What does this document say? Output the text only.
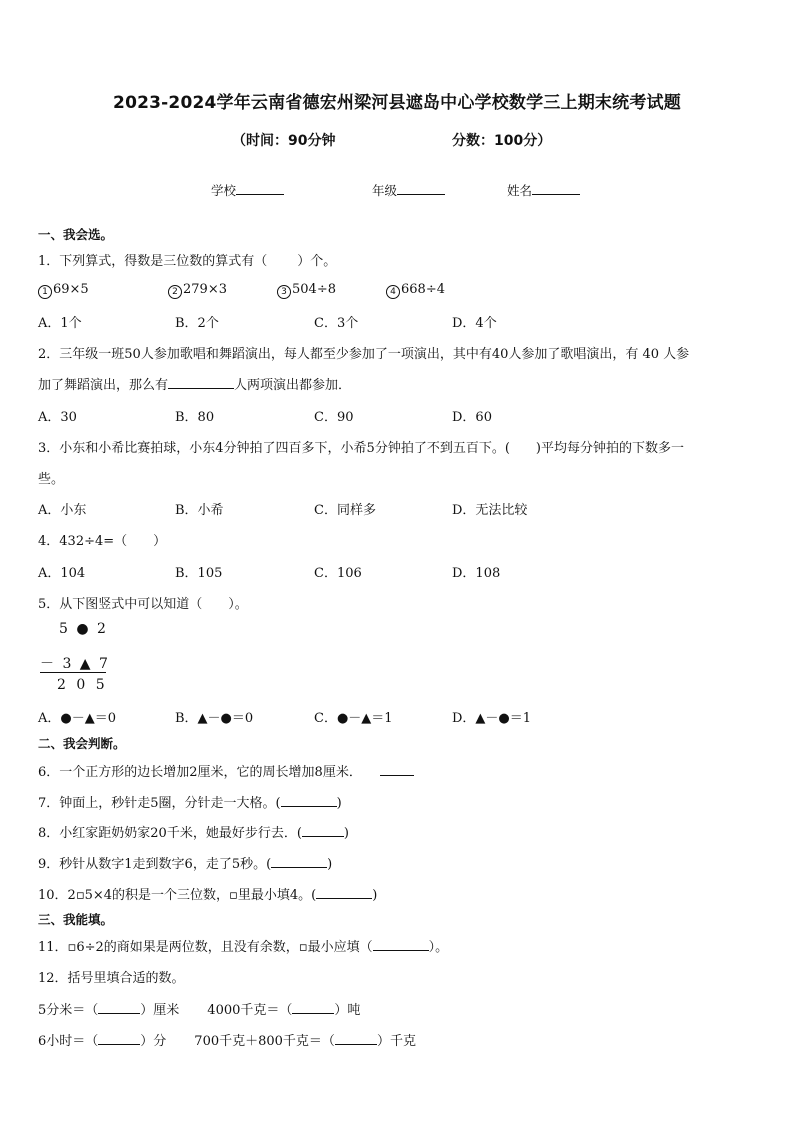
2023-2024学年云南省德宏州梁河县遮岛中心学校数学三上期末统考试题
（时间：90分钟	分数：100分）
学校	年级	姓名
一、我会选。
1．下列算式，得数是三位数的算式有（ ）个。
1 69×5	2 279×3	3 504÷8	4 668÷4
A．1个	B．2个	C．3个	D．4个
2．三年级一班50人参加歌唱和舞蹈演出，每人都至少参加了一项演出，其中有40人参加了歌唱演出，有 40 人参
加了舞蹈演出，那么有	人两项演出都参加．
A．30	B．80	C．90	D．60
3．小东和小希比赛拍球，小东4分钟拍了四百多下，小希5分钟拍了不到五百下。(　　)平均每分钟拍的下数多一
些。
A．小东	B．小希	C．同样多	D．无法比较
4．432÷4=（　　）
A．104	B．105	C．106	D．108
5．从下图竖式中可以知道（　　）。
5 ● 2
－ 3 ▲ 7
2 0 5
A．●－▲＝0	B．▲－●＝0	C．●－▲＝1	D．▲－●＝1
二、我会判断。
6．一个正方形的边长增加2厘米，它的周长增加8厘米．
7．钟面上，秒针走5圈，分针走一大格。(	)
8．小红家距奶奶家20千米，她最好步行去．(	)
9．秒针从数字1走到数字6，走了5秒。(	)
10．2▫5×4的积是一个三位数，▫里最小填4。(	)
三、我能填。
11．▫6÷2的商如果是两位数，且没有余数，▫最小应填（	）。
12．括号里填合适的数。
5分米＝（	）厘米 4000千克＝（	）吨
6小时＝（	）分 700千克＋800千克＝（	）千克
